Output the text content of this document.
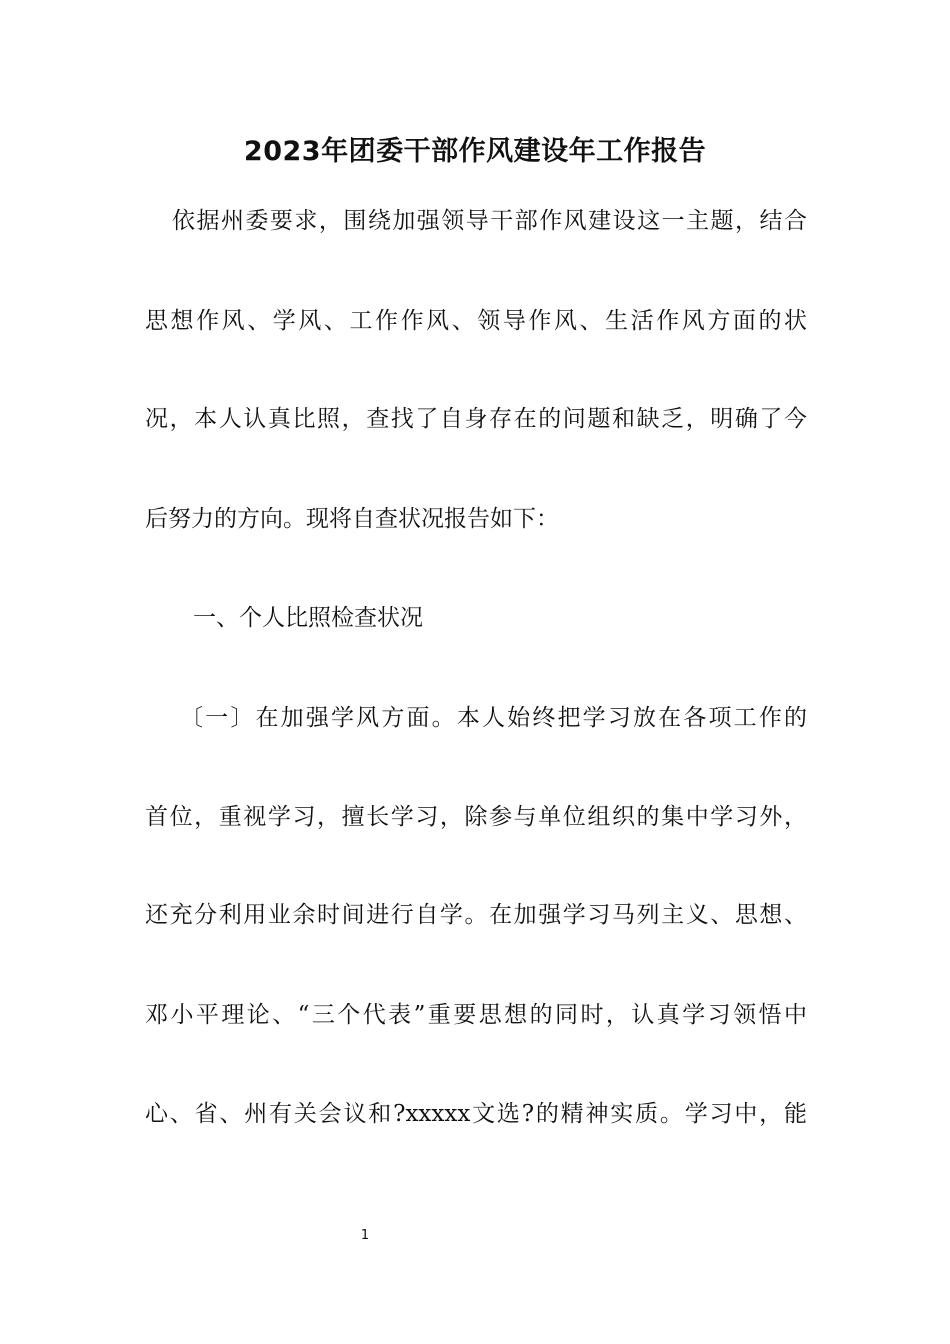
2023年团委干部作风建设年工作报告
依据州委要求，围绕加强领导干部作风建设这一主题，结合
思想作风、学风、工作作风、领导作风、生活作风方面的状
况，本人认真比照，查找了自身存在的问题和缺乏，明确了今
后努力的方向。现将自查状况报告如下：
一、个人比照检查状况
〔一〕在加强学风方面。本人始终把学习放在各项工作的
首位，重视学习，擅长学习，除参与单位组织的集中学习外，
还充分利用业余时间进行自学。在加强学习马列主义、思想、
邓小平理论、“三个代表”重要思想的同时，认真学习领悟中
心、省、州有关会议和?xxxxx文选?的精神实质。学习中，能
1
